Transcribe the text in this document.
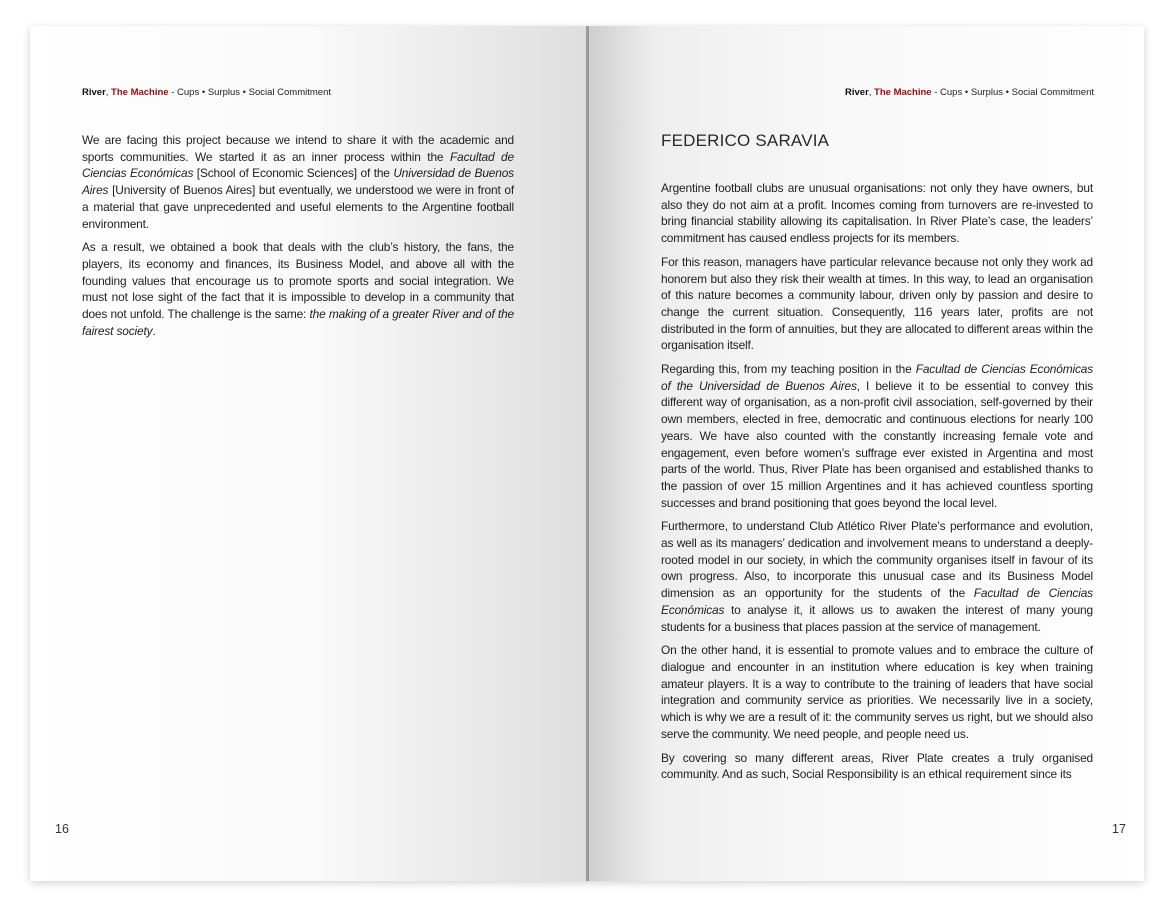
River, The Machine - Cups • Surplus • Social Commitment

We are facing this project because we intend to share it with the academic and sports communities. We started it as an inner process within the Facultad de Ciencias Económicas [School of Economic Sciences] of the Universidad de Buenos Aires [University of Buenos Aires] but eventually, we understood we were in front of a material that gave unprecedented and useful elements to the Argentine football environment.

As a result, we obtained a book that deals with the club’s history, the fans, the players, its economy and finances, its Business Model, and above all with the founding values that encourage us to promote sports and social integration. We must not lose sight of the fact that it is impossible to develop in a community that does not unfold. The challenge is the same: the making of a greater River and of the fairest society.

16
River, The Machine - Cups • Surplus • Social Commitment
FEDERICO SARAVIA

Argentine football clubs are unusual organisations: not only they have owners, but also they do not aim at a profit. Incomes coming from turnovers are re-invested to bring financial stability allowing its capitalisation. In River Plate’s case, the leaders’ commitment has caused endless projects for its members.

For this reason, managers have particular relevance because not only they work ad honorem but also they risk their wealth at times. In this way, to lead an organisation of this nature becomes a community labour, driven only by passion and desire to change the current situation. Consequently, 116 years later, profits are not distributed in the form of annuities, but they are allocated to different areas within the organisation itself.

Regarding this, from my teaching position in the Facultad de Ciencias Económicas of the Universidad de Buenos Aires, I believe it to be essential to convey this different way of organisation, as a non-profit civil association, self-governed by their own members, elected in free, democratic and continuous elections for nearly 100 years. We have also counted with the constantly increasing female vote and engagement, even before women’s suffrage ever existed in Argentina and most parts of the world. Thus, River Plate has been organised and established thanks to the passion of over 15 million Argentines and it has achieved countless sporting successes and brand positioning that goes beyond the local level.

Furthermore, to understand Club Atlético River Plate’s performance and evolution, as well as its managers’ dedication and involvement means to understand a deeply-rooted model in our society, in which the community organises itself in favour of its own progress. Also, to incorporate this unusual case and its Business Model dimension as an opportunity for the students of the Facultad de Ciencias Económicas to analyse it, it allows us to awaken the interest of many young students for a business that places passion at the service of management.

On the other hand, it is essential to promote values and to embrace the culture of dialogue and encounter in an institution where education is key when training amateur players. It is a way to contribute to the training of leaders that have social integration and community service as priorities. We necessarily live in a society, which is why we are a result of it: the community serves us right, but we should also serve the community. We need people, and people need us.

By covering so many different areas, River Plate creates a truly organised community. And as such, Social Responsibility is an ethical requirement since its

17
